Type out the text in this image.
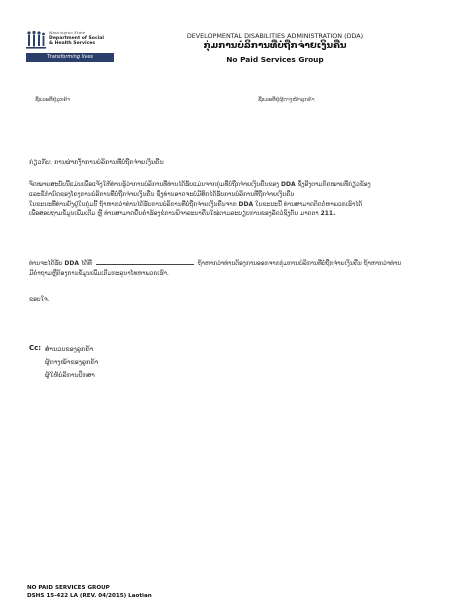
Washington State
Department of Social
& Health Services
Transforming lives
DEVELOPMENTAL DISABILITIES ADMINISTRATION (DDA)
ກຸ່ມການບໍລິການທີ່ບໍ່ຖືກຈ່າຍເງິນຄືນ
No Paid Services Group
ຊື່ແລະທີ່ຢູ່ລູກຄ້າ	ຊື່ແລະທີ່ຢູ່ຜູ້ຕາງໜ້າລູກຄ້າ
ກ່ຽວກັບ: ການຜ່າກງໍ້າການບໍລິການທີ່ບໍ່ຖືກຈ່າຍເງິນຄືນ
ຈົດໝາຍສະບັບນີ້ແມ່ນເພື່ອແຈ້ງໃຫ້ທ່ານຮູ້ວ່າການບໍລິການທີ່ທ່ານໄດ້ຮັບແມ່ນຈາກກຸ່ມທີ່ບໍ່ຖືກຈ່າຍເງິນຄືນຂອງ DDA ຊຶ່ງອີງຕາມກົດໝາຍທີ່ກ່ຽວຂ້ອງ
ແລະຂໍ້ກຳນົດຂອງໂຄງການບໍລິການທີ່ບໍ່ຖືກຈ່າຍເງິນຄືນ ຊຶ່ງທ່ານອາດຈະບໍ່ມີສິດໄດ້ຮັບການບໍລິການທີ່ຖືກຈ່າຍເງິນຄືນ
ໃນຂະນະທີ່ທ່ານຍັງຢູ່ໃນກຸ່ມນີ້ ຖ້າຫາກວ່າທ່ານໄດ້ຮັບການບໍລິການທີ່ບໍ່ຖືກຈ່າຍເງິນຄືນຈາກ DDA ໃນຂະນະນີ້ ທ່ານສາມາດຕິດຕໍ່ຫາພວກເຮົາໄດ້
ເພື່ອສອບຖາມຂໍ້ມູນເພີ່ມເຕີມ ຫຼື ທ່ານສາມາດຍື່ນຄຳຮ້ອງຂໍການພິຈາລະນາຄືນໃໝ່ຕາມລະບຽບການຂອງລັດວໍຊິງຕັນ ມາດຕາ 211.
ທ່ານຈະໄດ້ຮັບ DDA ໄດ້ທີ່	ຖ້າຫາກວ່າທ່ານຕ້ອງການອອກຈາກກຸ່ມການບໍລິການທີ່ບໍ່ຖືກຈ່າຍເງິນຄືນ ຖ້າຫາກວ່າທ່ານ
ມີຄຳຖາມຫຼືຕ້ອງການຂໍ້ມູນເພີ່ມເຕີມກະລຸນາໂທຫາພວກເຮົາ.
ຂອບໃຈ.
Cc: ສຳນວນຂອງລູກຄ້າ
ຜູ້ຕາງໜ້າຂອງລູກຄ້າ
ຜູ້ໃຫ້ບໍລິການປຶກສາ
NO PAID SERVICES GROUP
DSHS 15-422 LA (REV. 04/2015) Laotian
